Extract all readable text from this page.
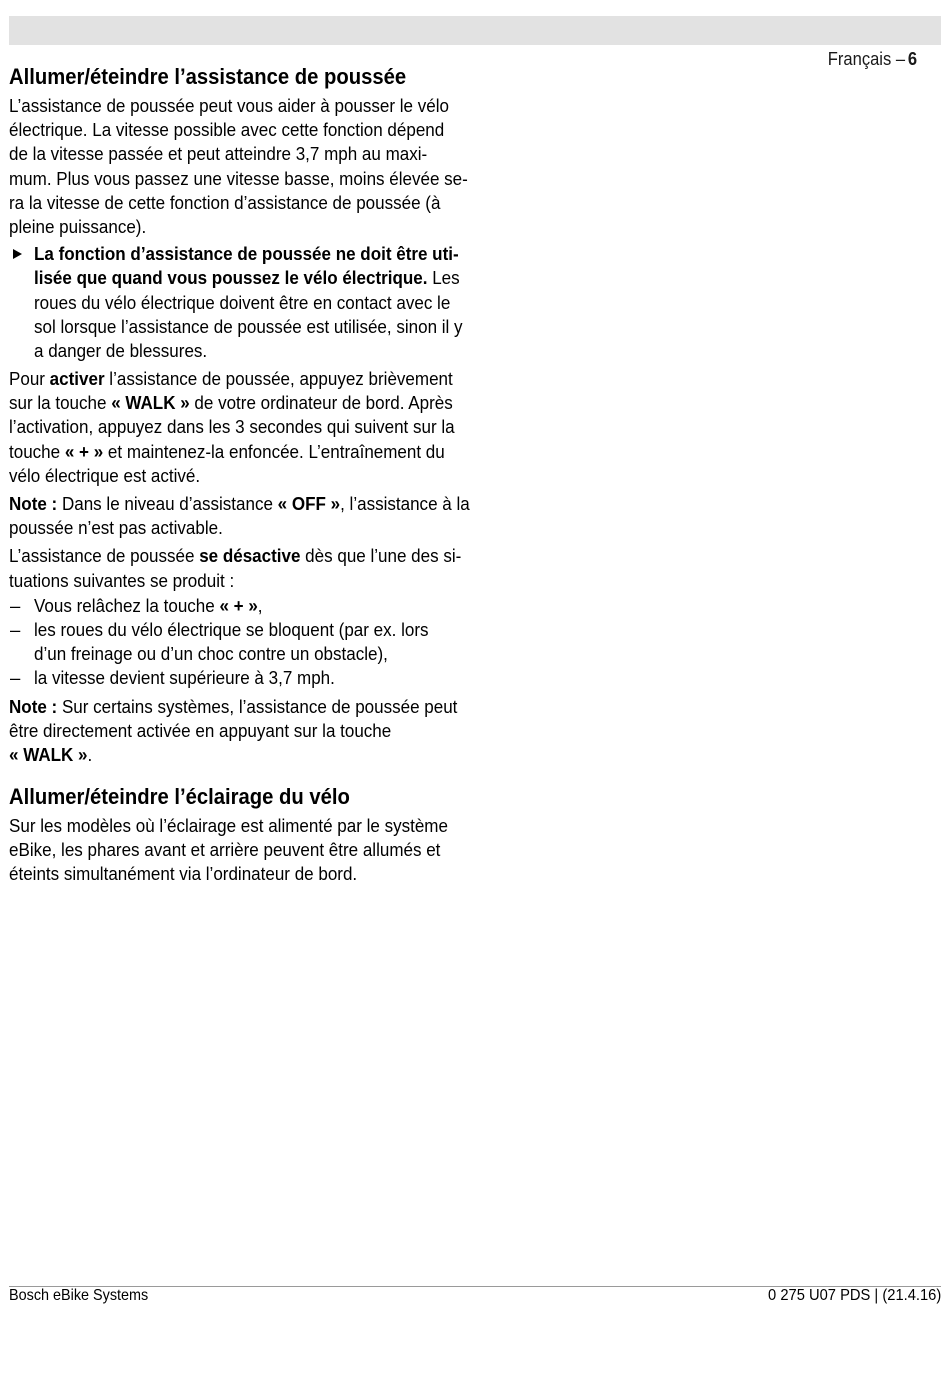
Français – 6

Allumer/éteindre l’assistance de poussée
L’assistance de poussée peut vous aider à pousser le vélo
électrique. La vitesse possible avec cette fonction dépend
de la vitesse passée et peut atteindre 3,7 mph au maxi-
mum. Plus vous passez une vitesse basse, moins élevée se-
ra la vitesse de cette fonction d’assistance de poussée (à
pleine puissance).
La fonction d’assistance de poussée ne doit être uti-
lisée que quand vous poussez le vélo électrique. Les
roues du vélo électrique doivent être en contact avec le
sol lorsque l’assistance de poussée est utilisée, sinon il y
a danger de blessures.
Pour activer l’assistance de poussée, appuyez brièvement
sur la touche « WALK » de votre ordinateur de bord. Après
l’activation, appuyez dans les 3 secondes qui suivent sur la
touche « + » et maintenez-la enfoncée. L’entraînement du
vélo électrique est activé.
Note : Dans le niveau d’assistance « OFF », l’assistance à la
poussée n’est pas activable.
L’assistance de poussée se désactive dès que l’une des si-
tuations suivantes se produit :
– Vous relâchez la touche « + »,
– les roues du vélo électrique se bloquent (par ex. lors
d’un freinage ou d’un choc contre un obstacle),
– la vitesse devient supérieure à 3,7 mph.
Note : Sur certains systèmes, l’assistance de poussée peut
être directement activée en appuyant sur la touche
« WALK ».
Allumer/éteindre l’éclairage du vélo
Sur les modèles où l’éclairage est alimenté par le système
eBike, les phares avant et arrière peuvent être allumés et
éteints simultanément via l’ordinateur de bord.
Bosch eBike Systems	0 275 U07 PDS | (21.4.16)
